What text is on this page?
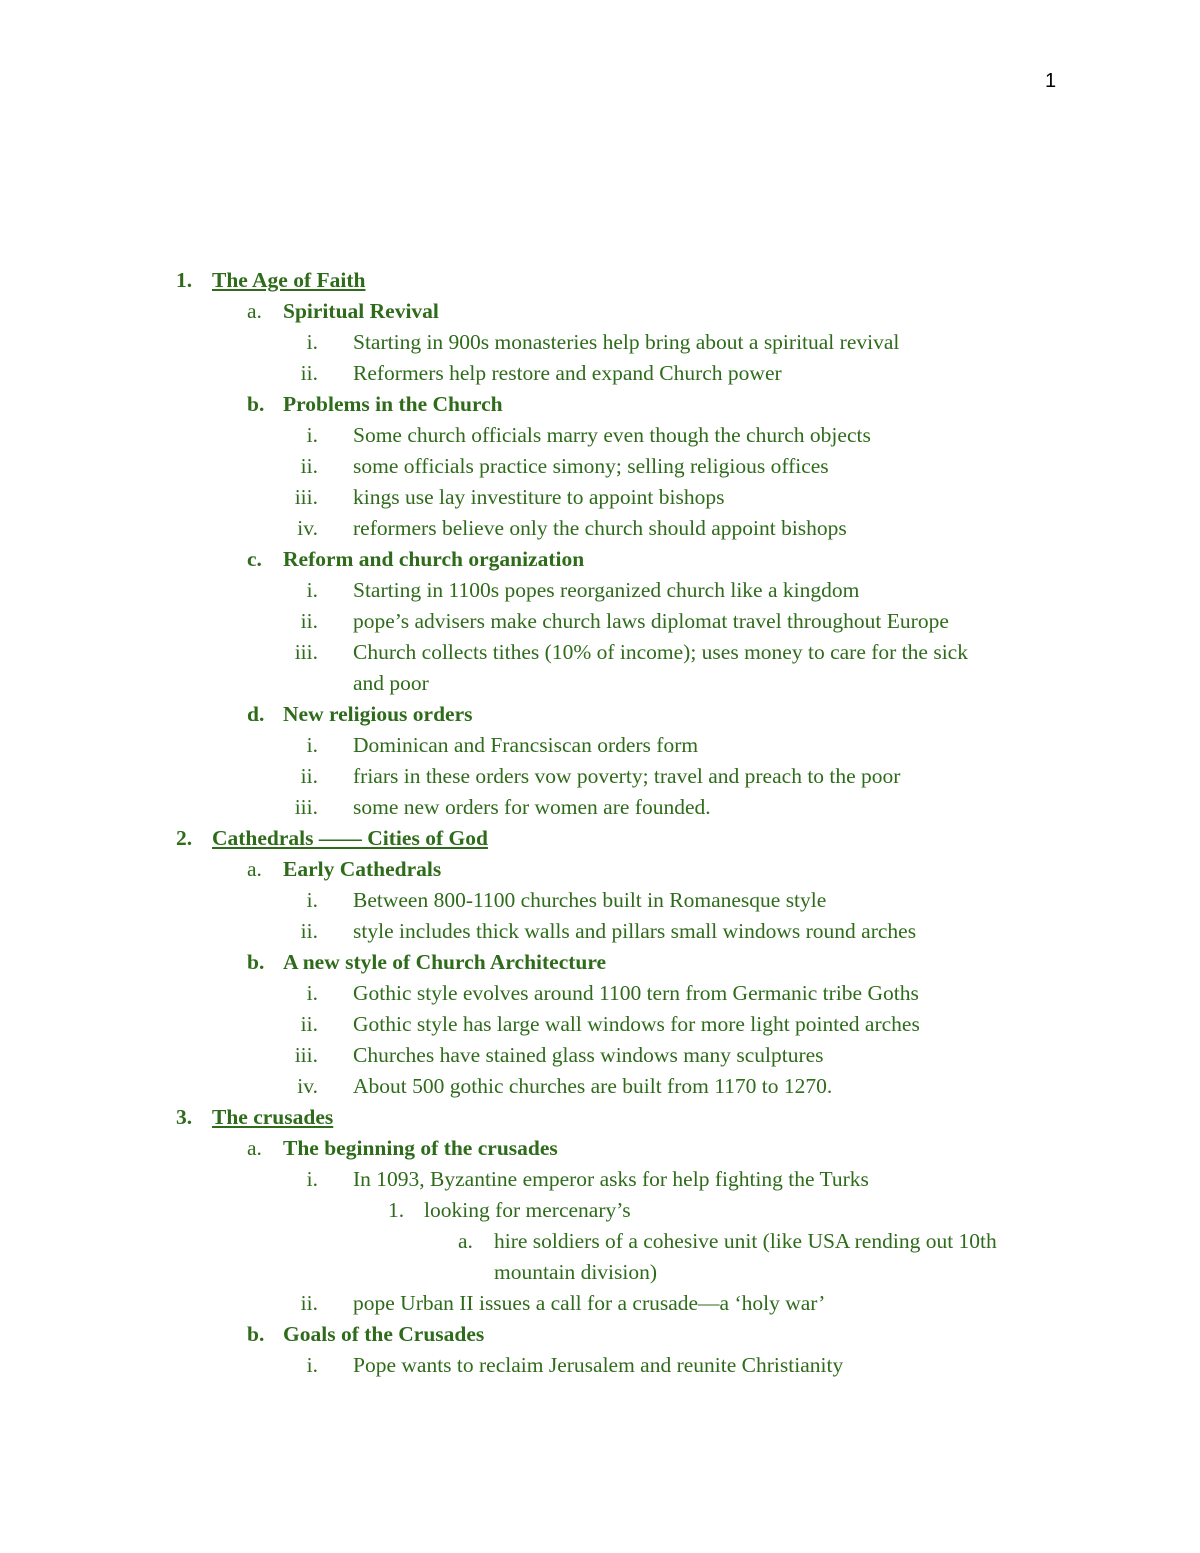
1
1. The Age of Faith
a. Spiritual Revival
i. Starting in 900s monasteries help bring about a spiritual revival
ii. Reformers help restore and expand Church power
b. Problems in the Church
i. Some church officials marry even though the church objects
ii. some officials practice simony; selling religious offices
iii. kings use lay investiture to appoint bishops
iv. reformers believe only the church should appoint bishops
c. Reform and church organization
i. Starting in 1100s popes reorganized church like a kingdom
ii. pope’s advisers make church laws diplomat travel throughout Europe
iii. Church collects tithes (10% of income); uses money to care for the sick
and poor
d. New religious orders
i. Dominican and Francsiscan orders form
ii. friars in these orders vow poverty; travel and preach to the poor
iii. some new orders for women are founded.
2. Cathedrals —— Cities of God
a. Early Cathedrals
i. Between 800-1100 churches built in Romanesque style
ii. style includes thick walls and pillars small windows round arches
b. A new style of Church Architecture
i. Gothic style evolves around 1100 tern from Germanic tribe Goths
ii. Gothic style has large wall windows for more light pointed arches
iii. Churches have stained glass windows many sculptures
iv. About 500 gothic churches are built from 1170 to 1270.
3. The crusades
a. The beginning of the crusades
i. In 1093, Byzantine emperor asks for help fighting the Turks
1. looking for mercenary’s
a. hire soldiers of a cohesive unit (like USA rending out 10th
mountain division)
ii. pope Urban II issues a call for a crusade—a ‘holy war’
b. Goals of the Crusades
i. Pope wants to reclaim Jerusalem and reunite Christianity
